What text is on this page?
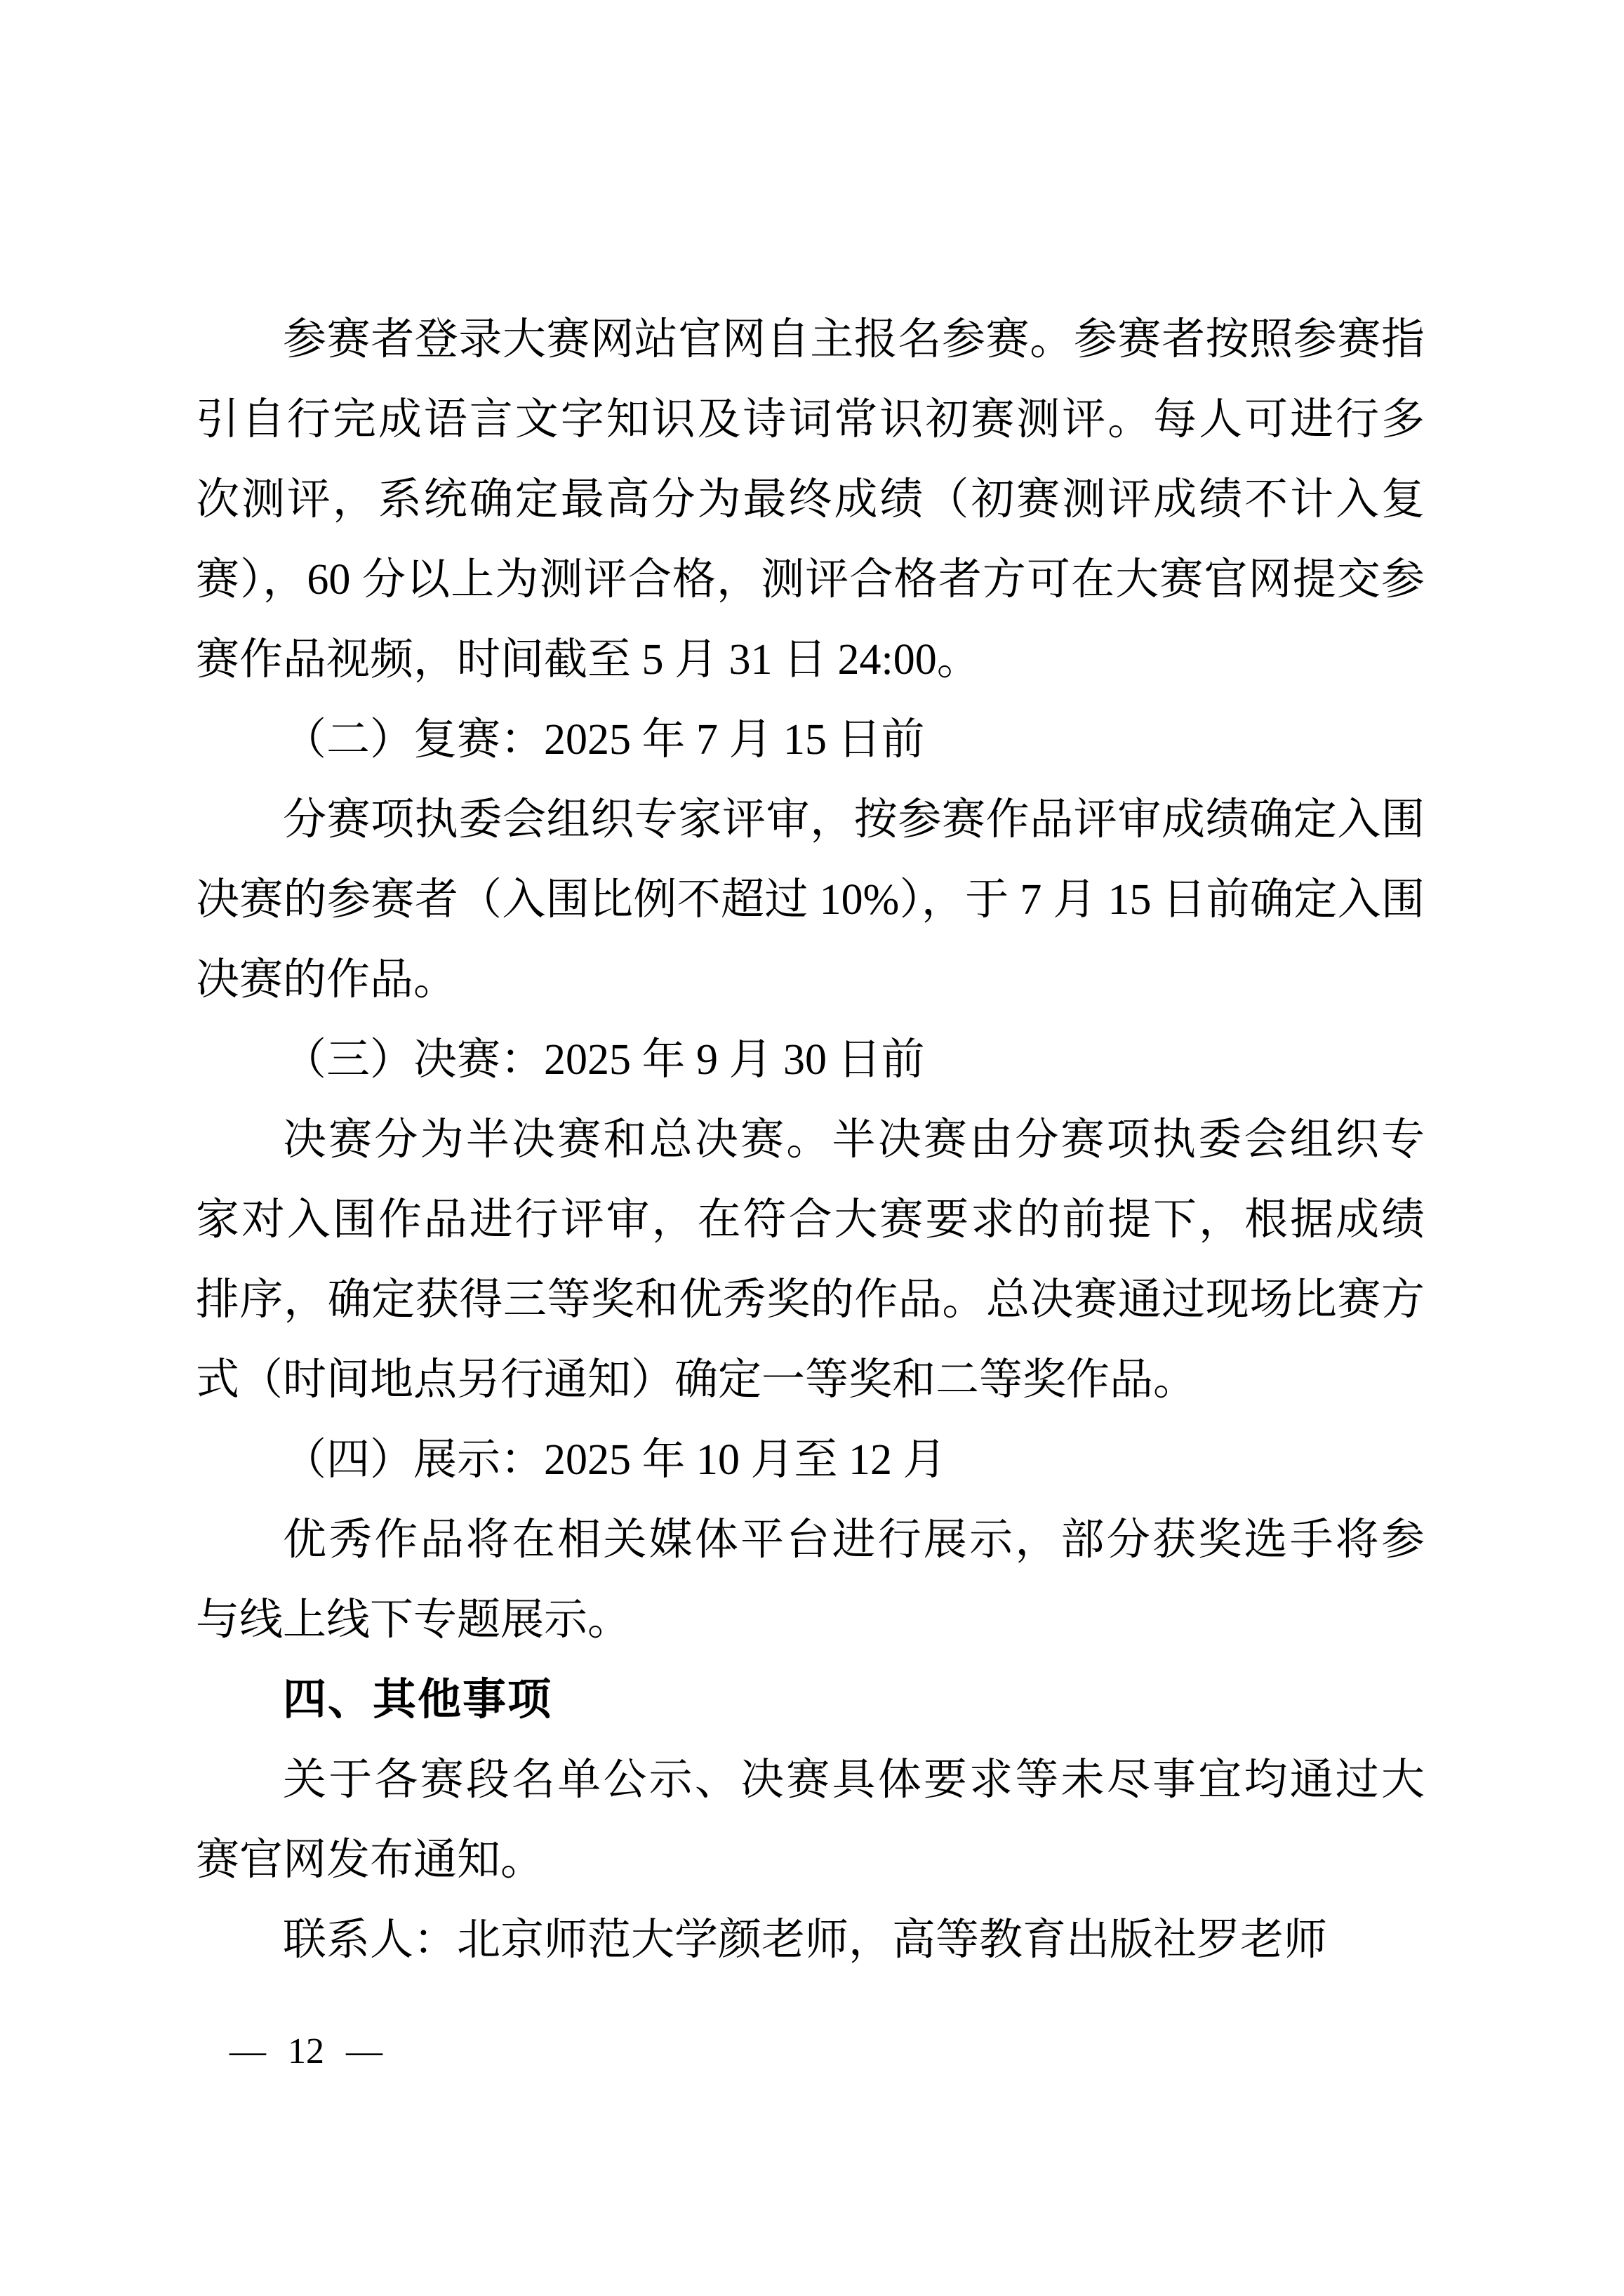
参赛者登录大赛网站官网自主报名参赛。参赛者按照参赛指
引自行完成语言文字知识及诗词常识初赛测评。每人可进行多
次测评，系统确定最高分为最终成绩（初赛测评成绩不计入复
赛），60 分以上为测评合格，测评合格者方可在大赛官网提交参
赛作品视频，时间截至 5 月 31 日 24:00。
（二）复赛：2025 年 7 月 15 日前
分赛项执委会组织专家评审，按参赛作品评审成绩确定入围
决赛的参赛者（入围比例不超过 10%），于 7 月 15 日前确定入围
决赛的作品。
（三）决赛：2025 年 9 月 30 日前
决赛分为半决赛和总决赛。半决赛由分赛项执委会组织专
家对入围作品进行评审，在符合大赛要求的前提下，根据成绩
排序，确定获得三等奖和优秀奖的作品。总决赛通过现场比赛方
式（时间地点另行通知）确定一等奖和二等奖作品。
（四）展示：2025 年 10 月至 12 月
优秀作品将在相关媒体平台进行展示，部分获奖选手将参
与线上线下专题展示。
四、其他事项
关于各赛段名单公示、决赛具体要求等未尽事宜均通过大
赛官网发布通知。
联系人：北京师范大学颜老师，高等教育出版社罗老师
— 12 —
